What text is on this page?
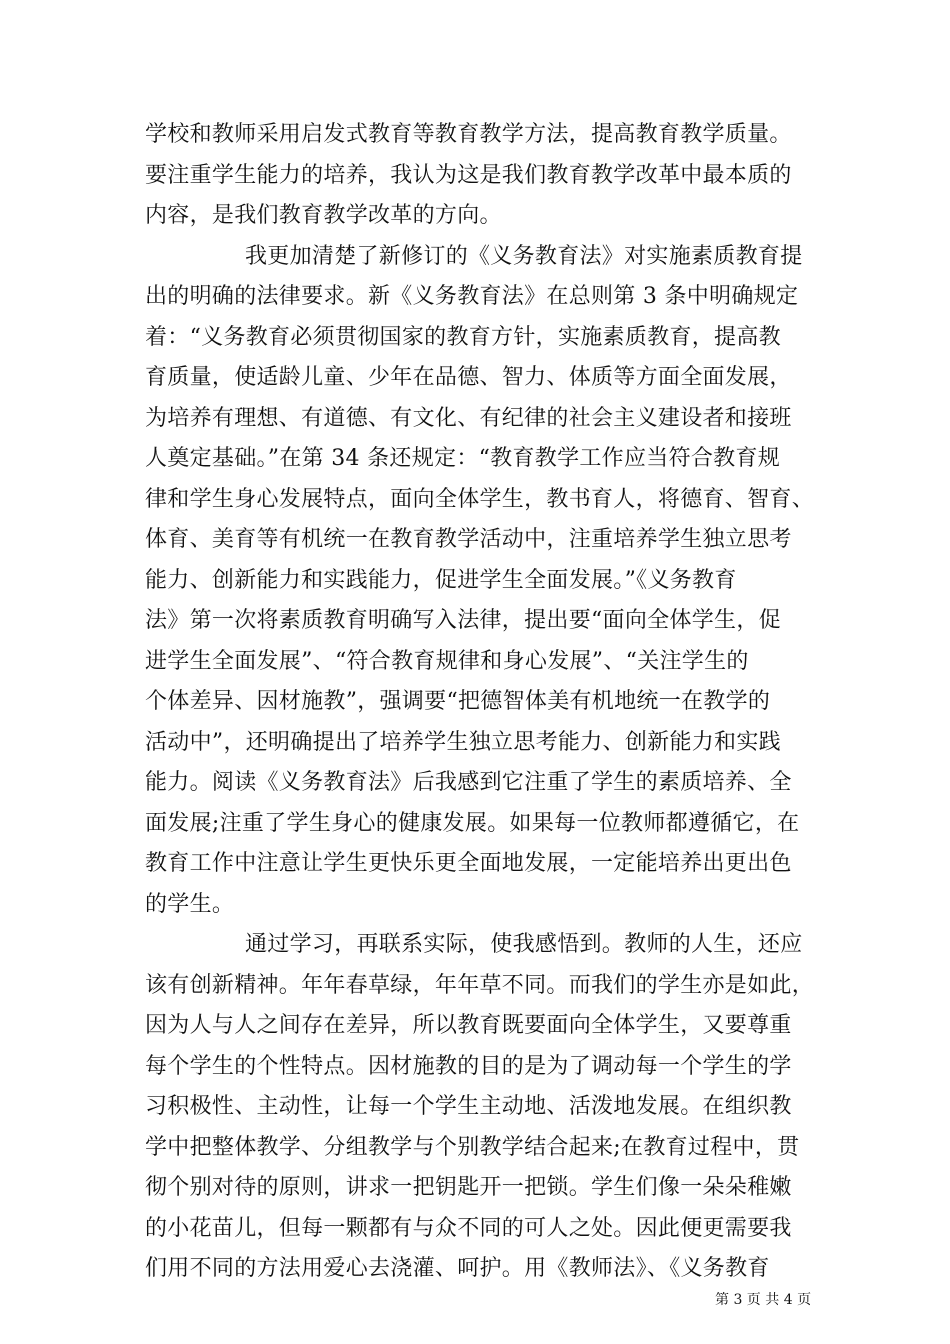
学校和教师采用启发式教育等教育教学方法，提高教育教学质量。
要注重学生能力的培养，我认为这是我们教育教学改革中最本质的
内容，是我们教育教学改革的方向。
我更加清楚了新修订的《义务教育法》对实施素质教育提
出的明确的法律要求。新《义务教育法》在总则第 3 条中明确规定
着：“义务教育必须贯彻国家的教育方针，实施素质教育，提高教
育质量，使适龄儿童、少年在品德、智力、体质等方面全面发展，
为培养有理想、有道德、有文化、有纪律的社会主义建设者和接班
人奠定基础。”在第 34 条还规定：“教育教学工作应当符合教育规
律和学生身心发展特点，面向全体学生，教书育人，将德育、智育、
体育、美育等有机统一在教育教学活动中，注重培养学生独立思考
能力、创新能力和实践能力，促进学生全面发展。”《义务教育
法》第一次将素质教育明确写入法律，提出要“面向全体学生，促
进学生全面发展”、“符合教育规律和身心发展”、“关注学生的
个体差异、因材施教”，强调要“把德智体美有机地统一在教学的
活动中”，还明确提出了培养学生独立思考能力、创新能力和实践
能力。阅读《义务教育法》后我感到它注重了学生的素质培养、全
面发展;注重了学生身心的健康发展。如果每一位教师都遵循它，在
教育工作中注意让学生更快乐更全面地发展，一定能培养出更出色
的学生。
通过学习，再联系实际，使我感悟到。教师的人生，还应
该有创新精神。年年春草绿，年年草不同。而我们的学生亦是如此，
因为人与人之间存在差异，所以教育既要面向全体学生，又要尊重
每个学生的个性特点。因材施教的目的是为了调动每一个学生的学
习积极性、主动性，让每一个学生主动地、活泼地发展。在组织教
学中把整体教学、分组教学与个别教学结合起来;在教育过程中，贯
彻个别对待的原则，讲求一把钥匙开一把锁。学生们像一朵朵稚嫩
的小花苗儿，但每一颗都有与众不同的可人之处。因此便更需要我
们用不同的方法用爱心去浇灌、呵护。用《教师法》、《义务教育
第 3 页 共 4 页
